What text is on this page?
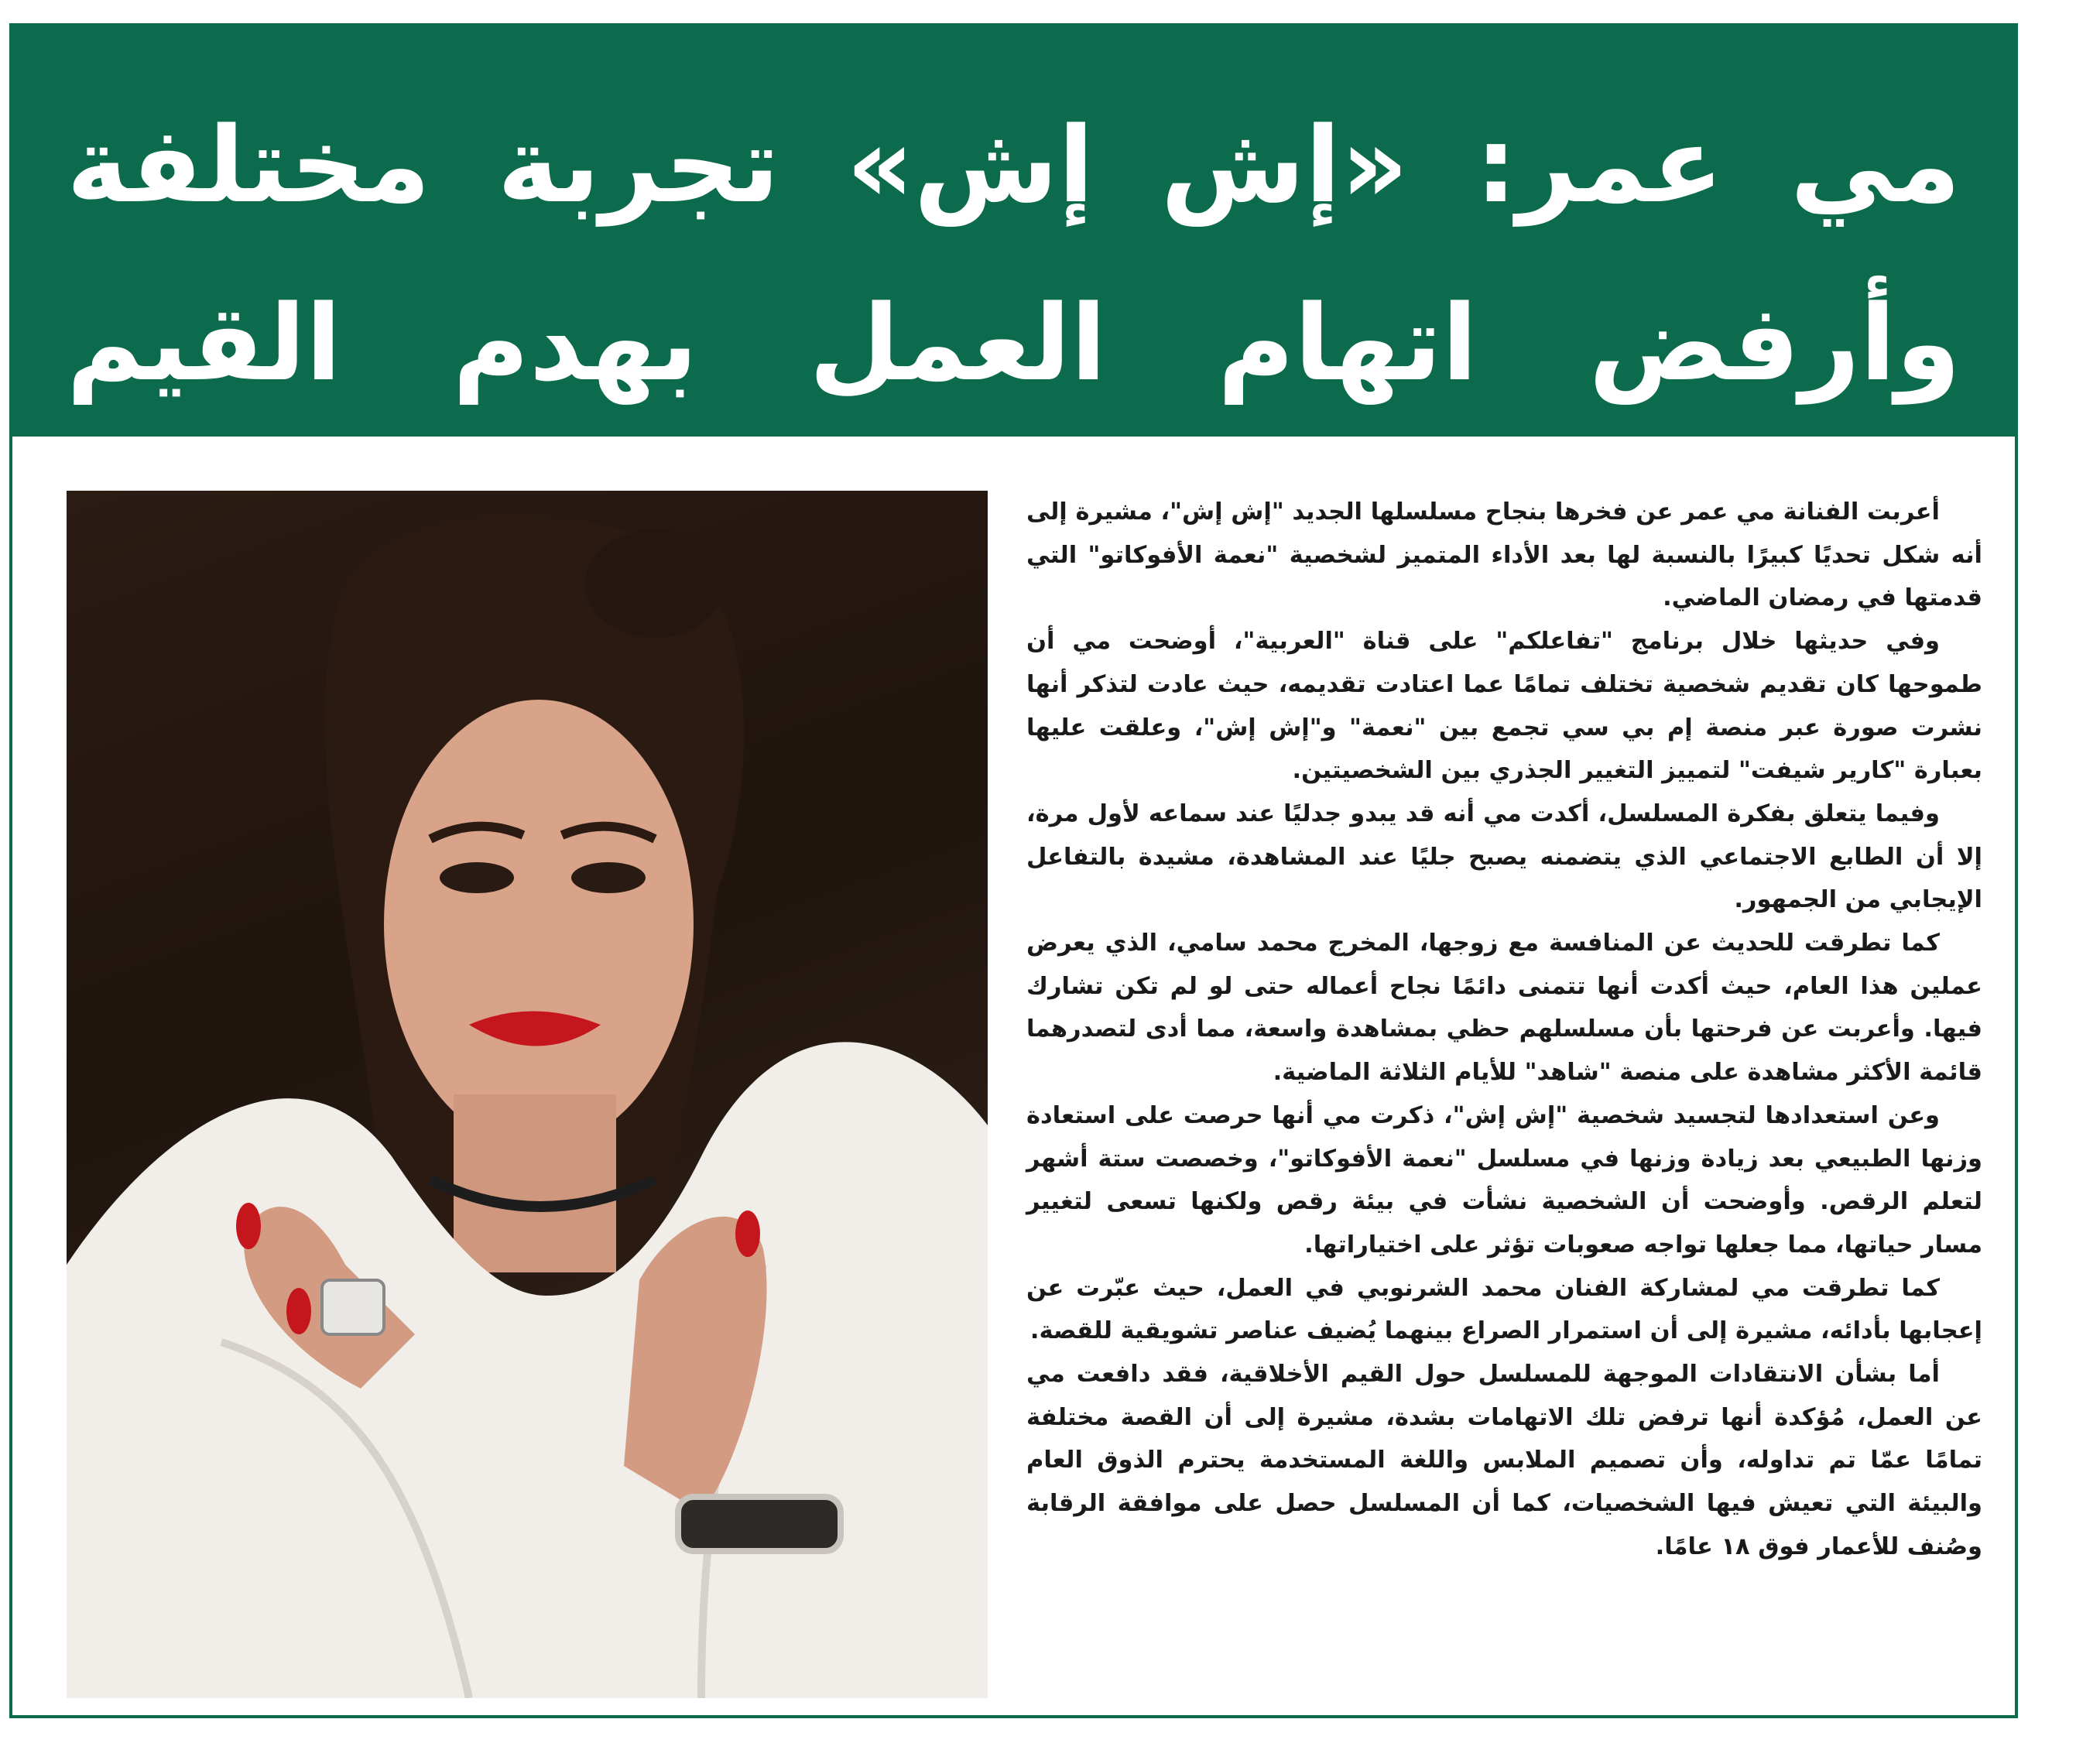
مي عمر: «إش إش» تجربة مختلفة
وأرفض اتهام العمل بهدم القيم

أعربت الفنانة مي عمر عن فخرها بنجاح مسلسلها الجديد "إش إش"، مشيرة إلى أنه شكل تحديًا كبيرًا بالنسبة لها بعد الأداء المتميز لشخصية "نعمة الأفوكاتو" التي قدمتها في رمضان الماضي.

وفي حديثها خلال برنامج "تفاعلكم" على قناة "العربية"، أوضحت مي أن طموحها كان تقديم شخصية تختلف تمامًا عما اعتادت تقديمه، حيث عادت لتذكر أنها نشرت صورة عبر منصة إم بي سي تجمع بين "نعمة" و"إش إش"، وعلقت عليها بعبارة "كارير شيفت" لتمييز التغيير الجذري بين الشخصيتين.

وفيما يتعلق بفكرة المسلسل، أكدت مي أنه قد يبدو جدليًا عند سماعه لأول مرة، إلا أن الطابع الاجتماعي الذي يتضمنه يصبح جليًا عند المشاهدة، مشيدة بالتفاعل الإيجابي من الجمهور.

كما تطرقت للحديث عن المنافسة مع زوجها، المخرج محمد سامي، الذي يعرض عملين هذا العام، حيث أكدت أنها تتمنى دائمًا نجاح أعماله حتى لو لم تكن تشارك فيها. وأعربت عن فرحتها بأن مسلسلهم حظي بمشاهدة واسعة، مما أدى لتصدرهما قائمة الأكثر مشاهدة على منصة "شاهد" للأيام الثلاثة الماضية.

وعن استعدادها لتجسيد شخصية "إش إش"، ذكرت مي أنها حرصت على استعادة وزنها الطبيعي بعد زيادة وزنها في مسلسل "نعمة الأفوكاتو"، وخصصت ستة أشهر لتعلم الرقص. وأوضحت أن الشخصية نشأت في بيئة رقص ولكنها تسعى لتغيير مسار حياتها، مما جعلها تواجه صعوبات تؤثر على اختياراتها.

كما تطرقت مي لمشاركة الفنان محمد الشرنوبي في العمل، حيث عبّرت عن إعجابها بأدائه، مشيرة إلى أن استمرار الصراع بينهما يُضيف عناصر تشويقية للقصة.

أما بشأن الانتقادات الموجهة للمسلسل حول القيم الأخلاقية، فقد دافعت مي عن العمل، مُؤكدة أنها ترفض تلك الاتهامات بشدة، مشيرة إلى أن القصة مختلفة تمامًا عمّا تم تداوله، وأن تصميم الملابس واللغة المستخدمة يحترم الذوق العام والبيئة التي تعيش فيها الشخصيات، كما أن المسلسل حصل على موافقة الرقابة وصُنف للأعمار فوق ١٨ عامًا.
